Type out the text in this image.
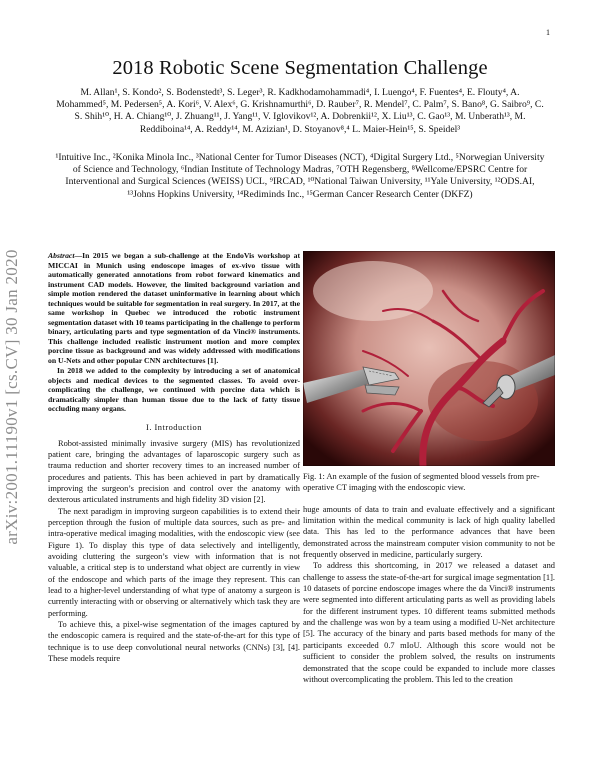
1
arXiv:2001.11190v1 [cs.CV] 30 Jan 2020
2018 Robotic Scene Segmentation Challenge
M. Allan¹, S. Kondo², S. Bodenstedt³, S. Leger³, R. Kadkhodamohammadi⁴, I. Luengo⁴, F. Fuentes⁴, E. Flouty⁴, A. Mohammed⁵, M. Pedersen⁵, A. Kori⁶, V. Alex⁶, G. Krishnamurthi⁶, D. Rauber⁷, R. Mendel⁷, C. Palm⁷, S. Bano⁸, G. Saibro⁹, C. S. Shih¹⁰, H. A. Chiang¹⁰, J. Zhuang¹¹, J. Yang¹¹, V. Iglovikov¹², A. Dobrenkii¹², X. Liu¹³, C. Gao¹³, M. Unberath¹³, M. Reddiboina¹⁴, A. Reddy¹⁴, M. Azizian¹, D. Stoyanov⁸,⁴ L. Maier-Hein¹⁵, S. Speidel³
¹Intuitive Inc., ²Konika Minola Inc., ³National Center for Tumor Diseases (NCT), ⁴Digital Surgery Ltd., ⁵Norwegian University of Science and Technology, ⁶Indian Institute of Technology Madras, ⁷OTH Regensberg, ⁸Wellcome/EPSRC Centre for Interventional and Surgical Sciences (WEISS) UCL, ⁹IRCAD, ¹⁰National Taiwan University, ¹¹Yale University, ¹²ODS.AI, ¹³Johns Hopkins University, ¹⁴Rediminds Inc., ¹⁵German Cancer Research Center (DKFZ)

Abstract—In 2015 we began a sub-challenge at the EndoVis workshop at MICCAI in Munich using endoscope images of ex-vivo tissue with automatically generated annotations from robot forward kinematics and instrument CAD models. However, the limited background variation and simple motion rendered the dataset uninformative in learning about which techniques would be suitable for segmentation in real surgery. In 2017, at the same workshop in Quebec we introduced the robotic instrument segmentation dataset with 10 teams participating in the challenge to perform binary, articulating parts and type segmentation of da Vinci® instruments. This challenge included realistic instrument motion and more complex porcine tissue as background and was widely addressed with modifications on U-Nets and other popular CNN architectures [1].

In 2018 we added to the complexity by introducing a set of anatomical objects and medical devices to the segmented classes. To avoid over-complicating the challenge, we continued with porcine data which is dramatically simpler than human tissue due to the lack of fatty tissue occluding many organs.

I. Introduction

Robot-assisted minimally invasive surgery (MIS) has revolutionized patient care, bringing the advantages of laparoscopic surgery such as trauma reduction and shorter recovery times to an increased number of procedures and patients. This has been achieved in part by dramatically improving the surgeon’s precision and control over the anatomy with dexterous articulated instruments and high fidelity 3D vision [2].

The next paradigm in improving surgeon capabilities is to extend their perception through the fusion of multiple data sources, such as pre- and intra-operative medical imaging modalities, with the endoscopic view (see Figure 1). To display this type of data selectively and intelligently, avoiding cluttering the surgeon’s view with information that is not valuable, a critical step is to understand what object are currently in view of the endoscope and which parts of the image they represent. This can lead to a higher-level understanding of what type of anatomy a surgeon is currently interacting with or observing or alternatively which task they are performing.

To achieve this, a pixel-wise segmentation of the images captured by the endoscopic camera is required and the state-of-the-art for this type of technique is to use deep convolutional neural networks (CNNs) [3], [4]. These models require

Fig. 1: An example of the fusion of segmented blood vessels from pre-operative CT imaging with the endoscopic view.

huge amounts of data to train and evaluate effectively and a significant limitation within the medical community is lack of high quality labelled data. This has led to the performance advances that have been demonstrated across the mainstream computer vision community to not be frequently observed in medicine, particularly surgery.

To address this shortcoming, in 2017 we released a dataset and challenge to assess the state-of-the-art for surgical image segmentation [1]. 10 datasets of porcine endoscope images where the da Vinci® instruments were segmented into different articulating parts as well as providing labels for the different instrument types. 10 different teams submitted methods and the challenge was won by a team using a modified U-Net architecture [5]. The accuracy of the binary and parts based methods for many of the participants exceeded 0.7 mIoU. Although this score would not be sufficient to consider the problem solved, the results on instruments demonstrated that the scope could be expanded to include more classes without overcomplicating the problem. This led to the creation
